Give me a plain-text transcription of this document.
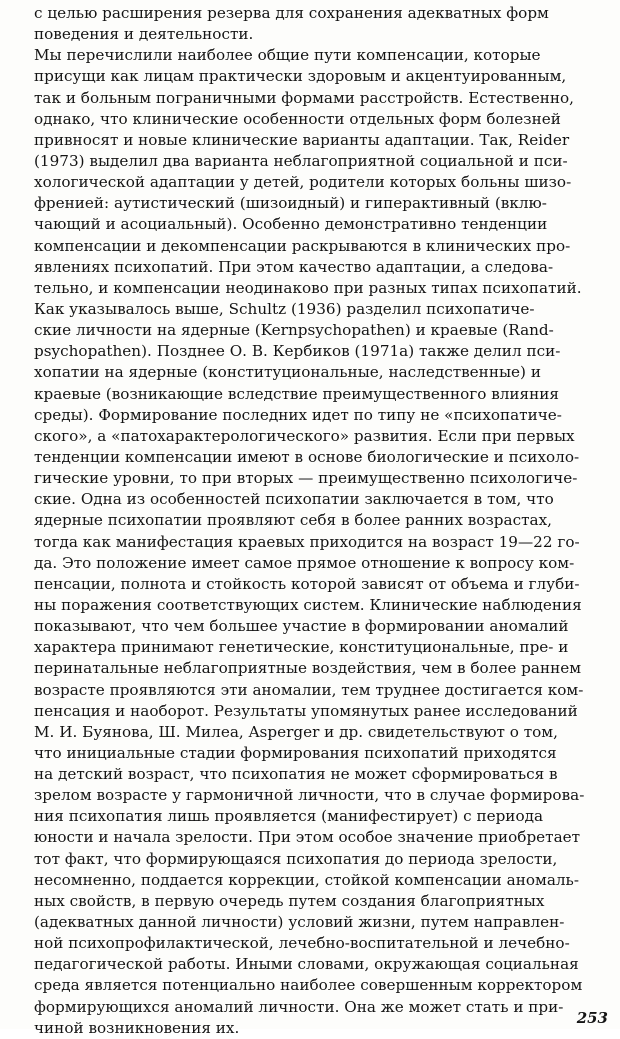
с целью расширения резерва для сохранения адекватных форм
поведения и деятельности.
Мы перечислили наиболее общие пути компенсации, которые
присущи как лицам практически здоровым и акцентуированным,
так и больным пограничными формами расстройств. Естественно,
однако, что клинические особенности отдельных форм болезней
привносят и новые клинические варианты адаптации. Так, Reider
(1973) выделил два варианта неблагоприятной социальной и пси-
хологической адаптации у детей, родители которых больны шизо-
френией: аутистический (шизоидный) и гиперактивный (вклю-
чающий и асоциальный). Особенно демонстративно тенденции
компенсации и декомпенсации раскрываются в клинических про-
явлениях психопатий. При этом качество адаптации, а следова-
тельно, и компенсации неодинаково при разных типах психопатий.
Как указывалось выше, Schultz (1936) разделил психопатиче-
ские личности на ядерные (Kernpsychopathen) и краевые (Rand-
psychopathen). Позднее О. В. Кербиков (1971а) также делил пси-
хопатии на ядерные (конституциональные, наследственные) и
краевые (возникающие вследствие преимущественного влияния
среды). Формирование последних идет по типу не «психопатиче-
ского», а «патохарактерологического» развития. Если при первых
тенденции компенсации имеют в основе биологические и психоло-
гические уровни, то при вторых — преимущественно психологиче-
ские. Одна из особенностей психопатии заключается в том, что
ядерные психопатии проявляют себя в более ранних возрастах,
тогда как манифестация краевых приходится на возраст 19—22 го-
да. Это положение имеет самое прямое отношение к вопросу ком-
пенсации, полнота и стойкость которой зависят от объема и глуби-
ны поражения соответствующих систем. Клинические наблюдения
показывают, что чем большее участие в формировании аномалий
характера принимают генетические, конституциональные, пре- и
перинатальные неблагоприятные воздействия, чем в более раннем
возрасте проявляются эти аномалии, тем труднее достигается ком-
пенсация и наоборот. Результаты упомянутых ранее исследований
М. И. Буянова, Ш. Милеа, Asperger и др. свидетельствуют о том,
что инициальные стадии формирования психопатий приходятся
на детский возраст, что психопатия не может сформироваться в
зрелом возрасте у гармоничной личности, что в случае формирова-
ния психопатия лишь проявляется (манифестирует) с периода
юности и начала зрелости. При этом особое значение приобретает
тот факт, что формирующаяся психопатия до периода зрелости,
несомненно, поддается коррекции, стойкой компенсации аномаль-
ных свойств, в первую очередь путем создания благоприятных
(адекватных данной личности) условий жизни, путем направлен-
ной психопрофилактической, лечебно-воспитательной и лечебно-
педагогической работы. Иными словами, окружающая социальная
среда является потенциально наиболее совершенным корректором
формирующихся аномалий личности. Она же может стать и при-
чиной возникновения их.
253
